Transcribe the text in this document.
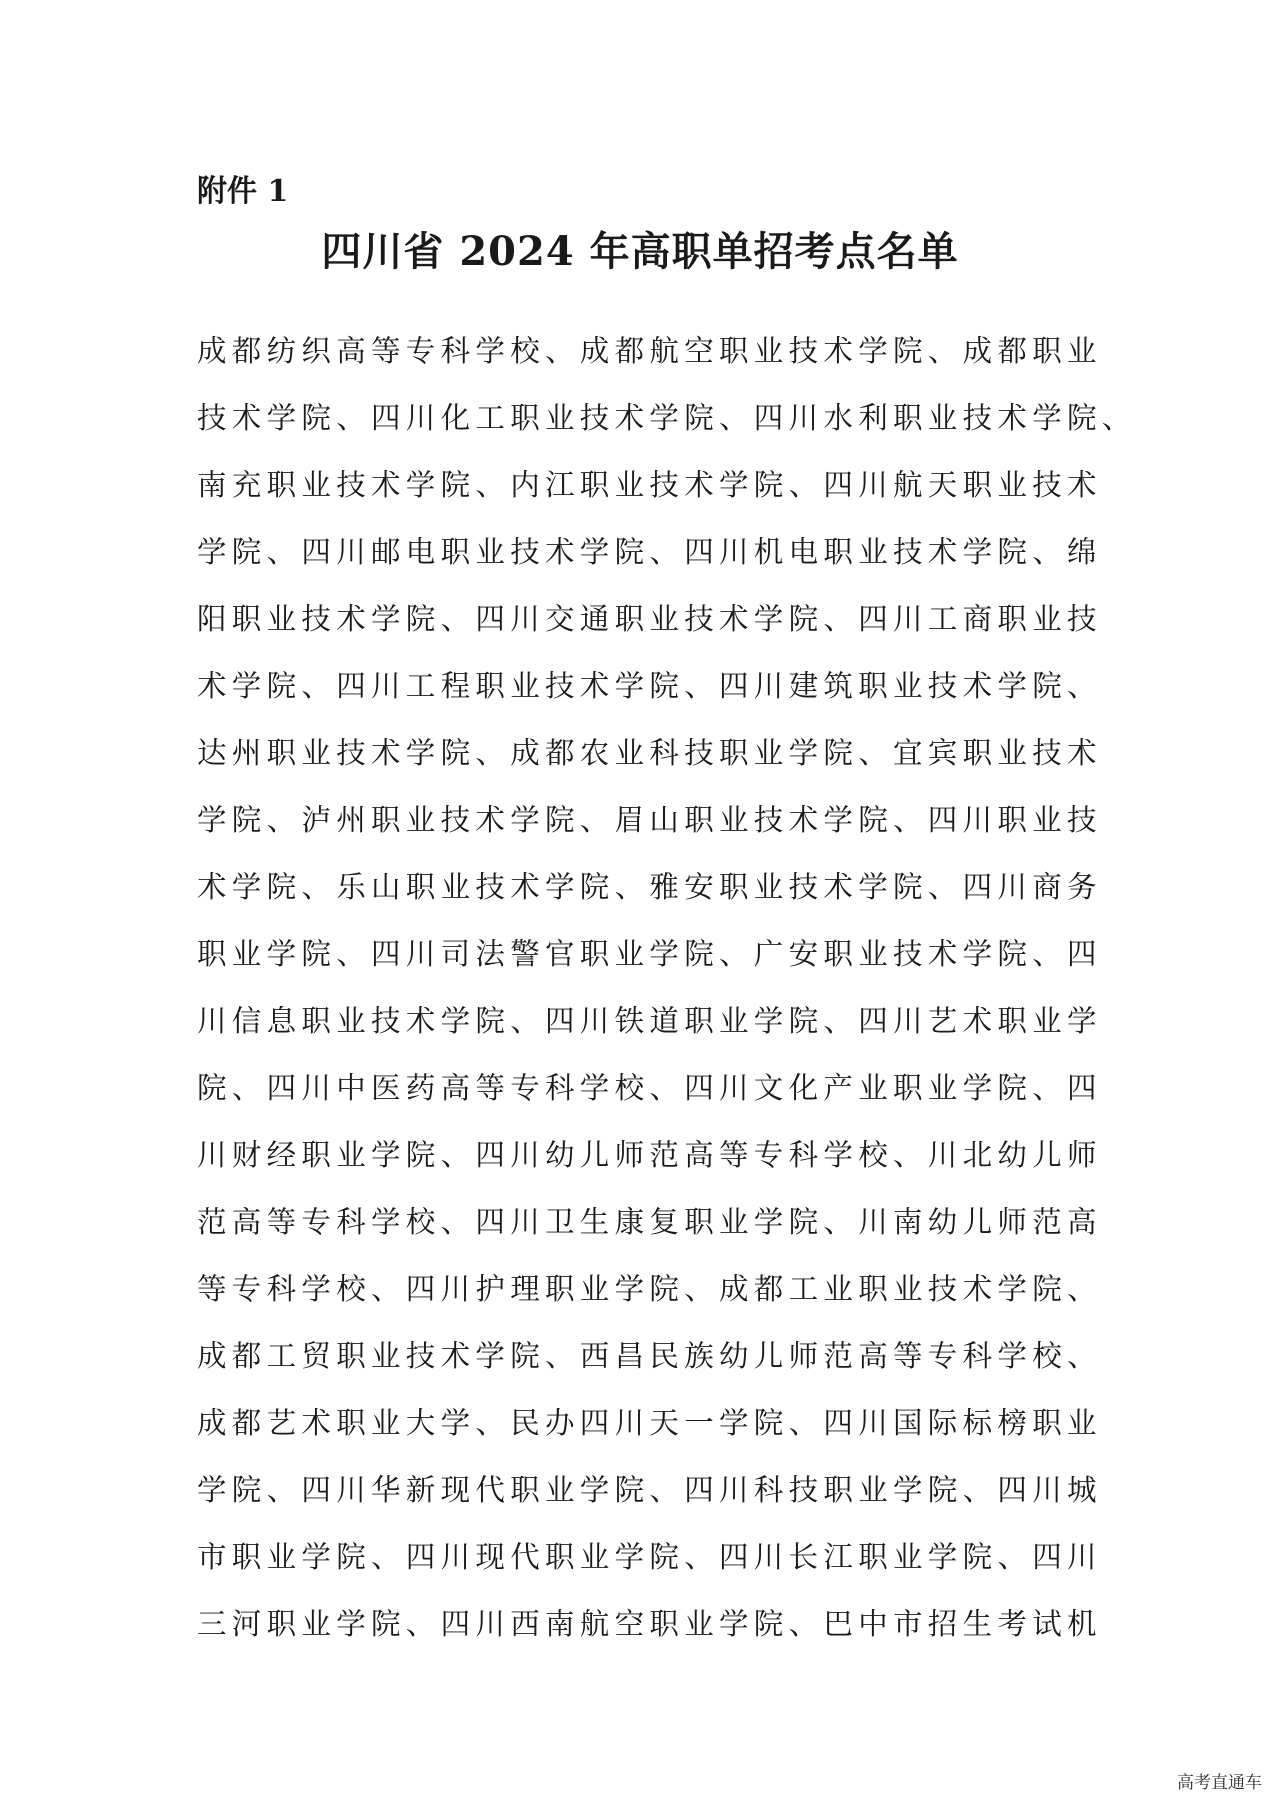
附件 1

四川省 2024 年高职单招考点名单
成都纺织高等专科学校、成都航空职业技术学院、成都职业
技术学院、四川化工职业技术学院、四川水利职业技术学院、
南充职业技术学院、内江职业技术学院、四川航天职业技术
学院、四川邮电职业技术学院、四川机电职业技术学院、绵
阳职业技术学院、四川交通职业技术学院、四川工商职业技
术学院、四川工程职业技术学院、四川建筑职业技术学院、
达州职业技术学院、成都农业科技职业学院、宜宾职业技术
学院、泸州职业技术学院、眉山职业技术学院、四川职业技
术学院、乐山职业技术学院、雅安职业技术学院、四川商务
职业学院、四川司法警官职业学院、广安职业技术学院、四
川信息职业技术学院、四川铁道职业学院、四川艺术职业学
院、四川中医药高等专科学校、四川文化产业职业学院、四
川财经职业学院、四川幼儿师范高等专科学校、川北幼儿师
范高等专科学校、四川卫生康复职业学院、川南幼儿师范高
等专科学校、四川护理职业学院、成都工业职业技术学院、
成都工贸职业技术学院、西昌民族幼儿师范高等专科学校、
成都艺术职业大学、民办四川天一学院、四川国际标榜职业
学院、四川华新现代职业学院、四川科技职业学院、四川城
市职业学院、四川现代职业学院、四川长江职业学院、四川
三河职业学院、四川西南航空职业学院、巴中市招生考试机
高考直通车
